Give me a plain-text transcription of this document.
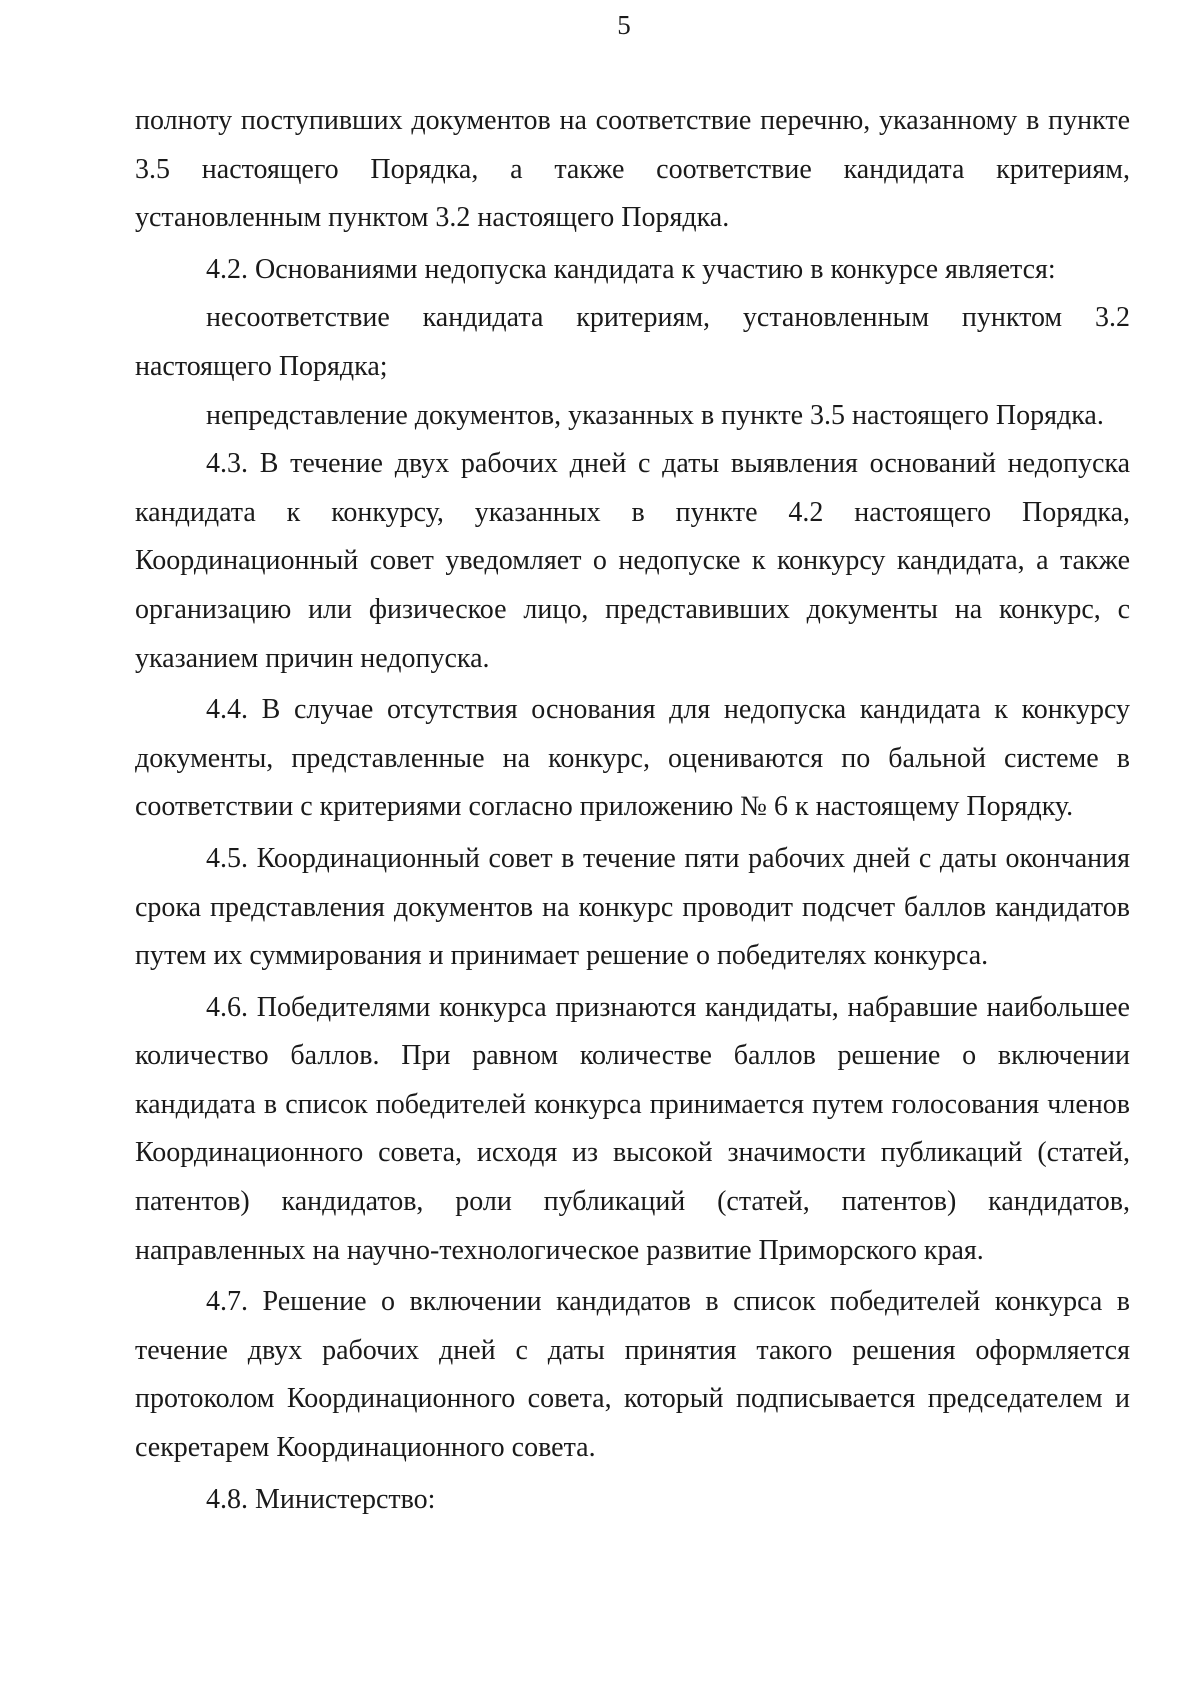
5

полноту поступивших документов на соответствие перечню, указанному в пункте 3.5 настоящего Порядка, а также соответствие кандидата критериям, установленным пунктом 3.2 настоящего Порядка.

4.2. Основаниями недопуска кандидата к участию в конкурсе является:

несоответствие кандидата критериям, установленным пунктом 3.2 настоящего Порядка;

непредставление документов, указанных в пункте 3.5 настоящего Порядка.

4.3. В течение двух рабочих дней с даты выявления оснований недопуска кандидата к конкурсу, указанных в пункте 4.2 настоящего Порядка, Координационный совет уведомляет о недопуске к конкурсу кандидата, а также организацию или физическое лицо, представивших документы на конкурс, с указанием причин недопуска.

4.4. В случае отсутствия основания для недопуска кандидата к конкурсу документы, представленные на конкурс, оцениваются по бальной системе в соответствии с критериями согласно приложению № 6 к настоящему Порядку.

4.5. Координационный совет в течение пяти рабочих дней с даты окончания срока представления документов на конкурс проводит подсчет баллов кандидатов путем их суммирования и принимает решение о победителях конкурса.

4.6. Победителями конкурса признаются кандидаты, набравшие наибольшее количество баллов. При равном количестве баллов решение о включении кандидата в список победителей конкурса принимается путем голосования членов Координационного совета, исходя из высокой значимости публикаций (статей, патентов) кандидатов, роли публикаций (статей, патентов) кандидатов, направленных на научно-технологическое развитие Приморского края.

4.7. Решение о включении кандидатов в список победителей конкурса в течение двух рабочих дней с даты принятия такого решения оформляется протоколом Координационного совета, который подписывается председателем и секретарем Координационного совета.

4.8. Министерство:
